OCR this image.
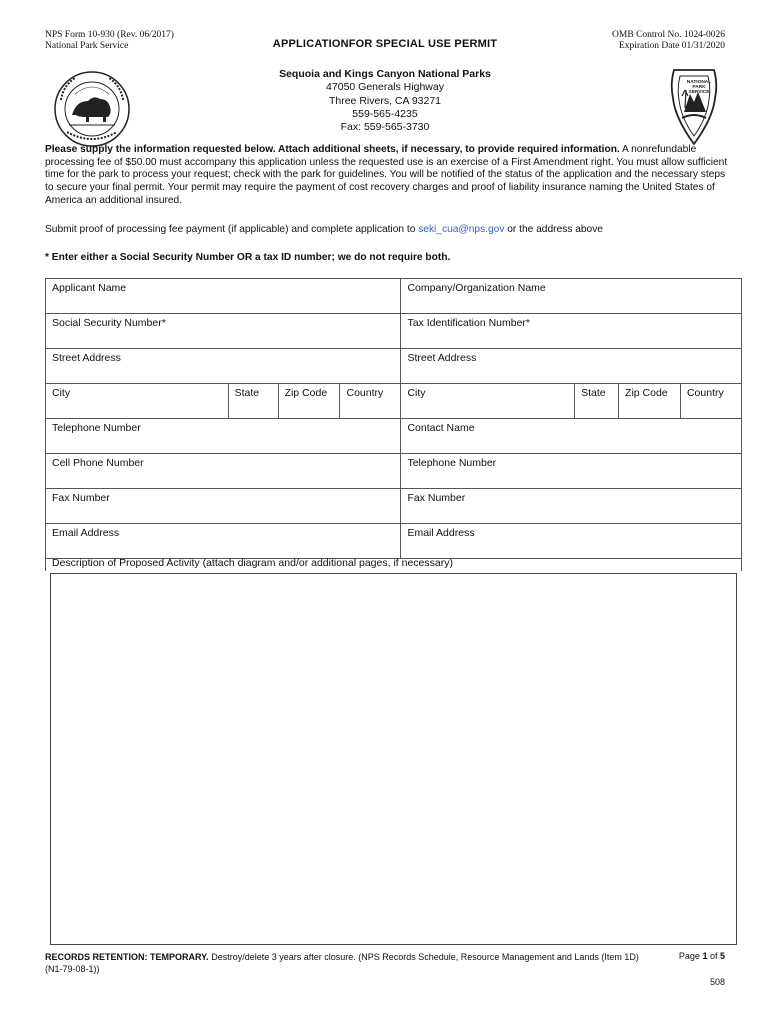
NPS Form 10-930 (Rev. 06/2017)
National Park Service	APPLICATIONFOR SPECIAL USE PERMIT
OMB Control No. 1024-0026
Expiration Date 01/31/2020
Sequoia and Kings Canyon National Parks
47050 Generals Highway
Three Rivers, CA 93271
559-565-4235
Fax: 559-565-3730
NATIONAL
PARK
SERVICE
Please supply the information requested below. Attach additional sheets, if necessary, to provide required information. A nonrefundable processing fee of $50.00 must accompany this application unless the requested use is an exercise of a First Amendment right. You must allow sufficient time for the park to process your request; check with the park for guidelines. You will be notified of the status of the application and the necessary steps to secure your final permit. Your permit may require the payment of cost recovery charges and proof of liability insurance naming the United States of America an additional insured.
Submit proof of processing fee payment (if applicable) and complete application to seki_cua@nps.gov or the address above
* Enter either a Social Security Number OR a tax ID number; we do not require both.
Applicant Name				Company/Organization Name			
Social Security Number*				Tax Identification Number*			
Street Address				Street Address			
City	State	Zip Code	Country	City	State	Zip Code	Country
Telephone Number				Contact Name			
Cell Phone Number				Telephone Number			
Fax Number				Fax Number			
Email Address				Email Address			
Description of Proposed Activity (attach diagram and/or additional pages, if necessary)
RECORDS RETENTION: TEMPORARY. Destroy/delete 3 years after closure. (NPS Records Schedule, Resource Management and Lands (Item 1D) (N1-79-08-1))
Page 1 of 5
508
